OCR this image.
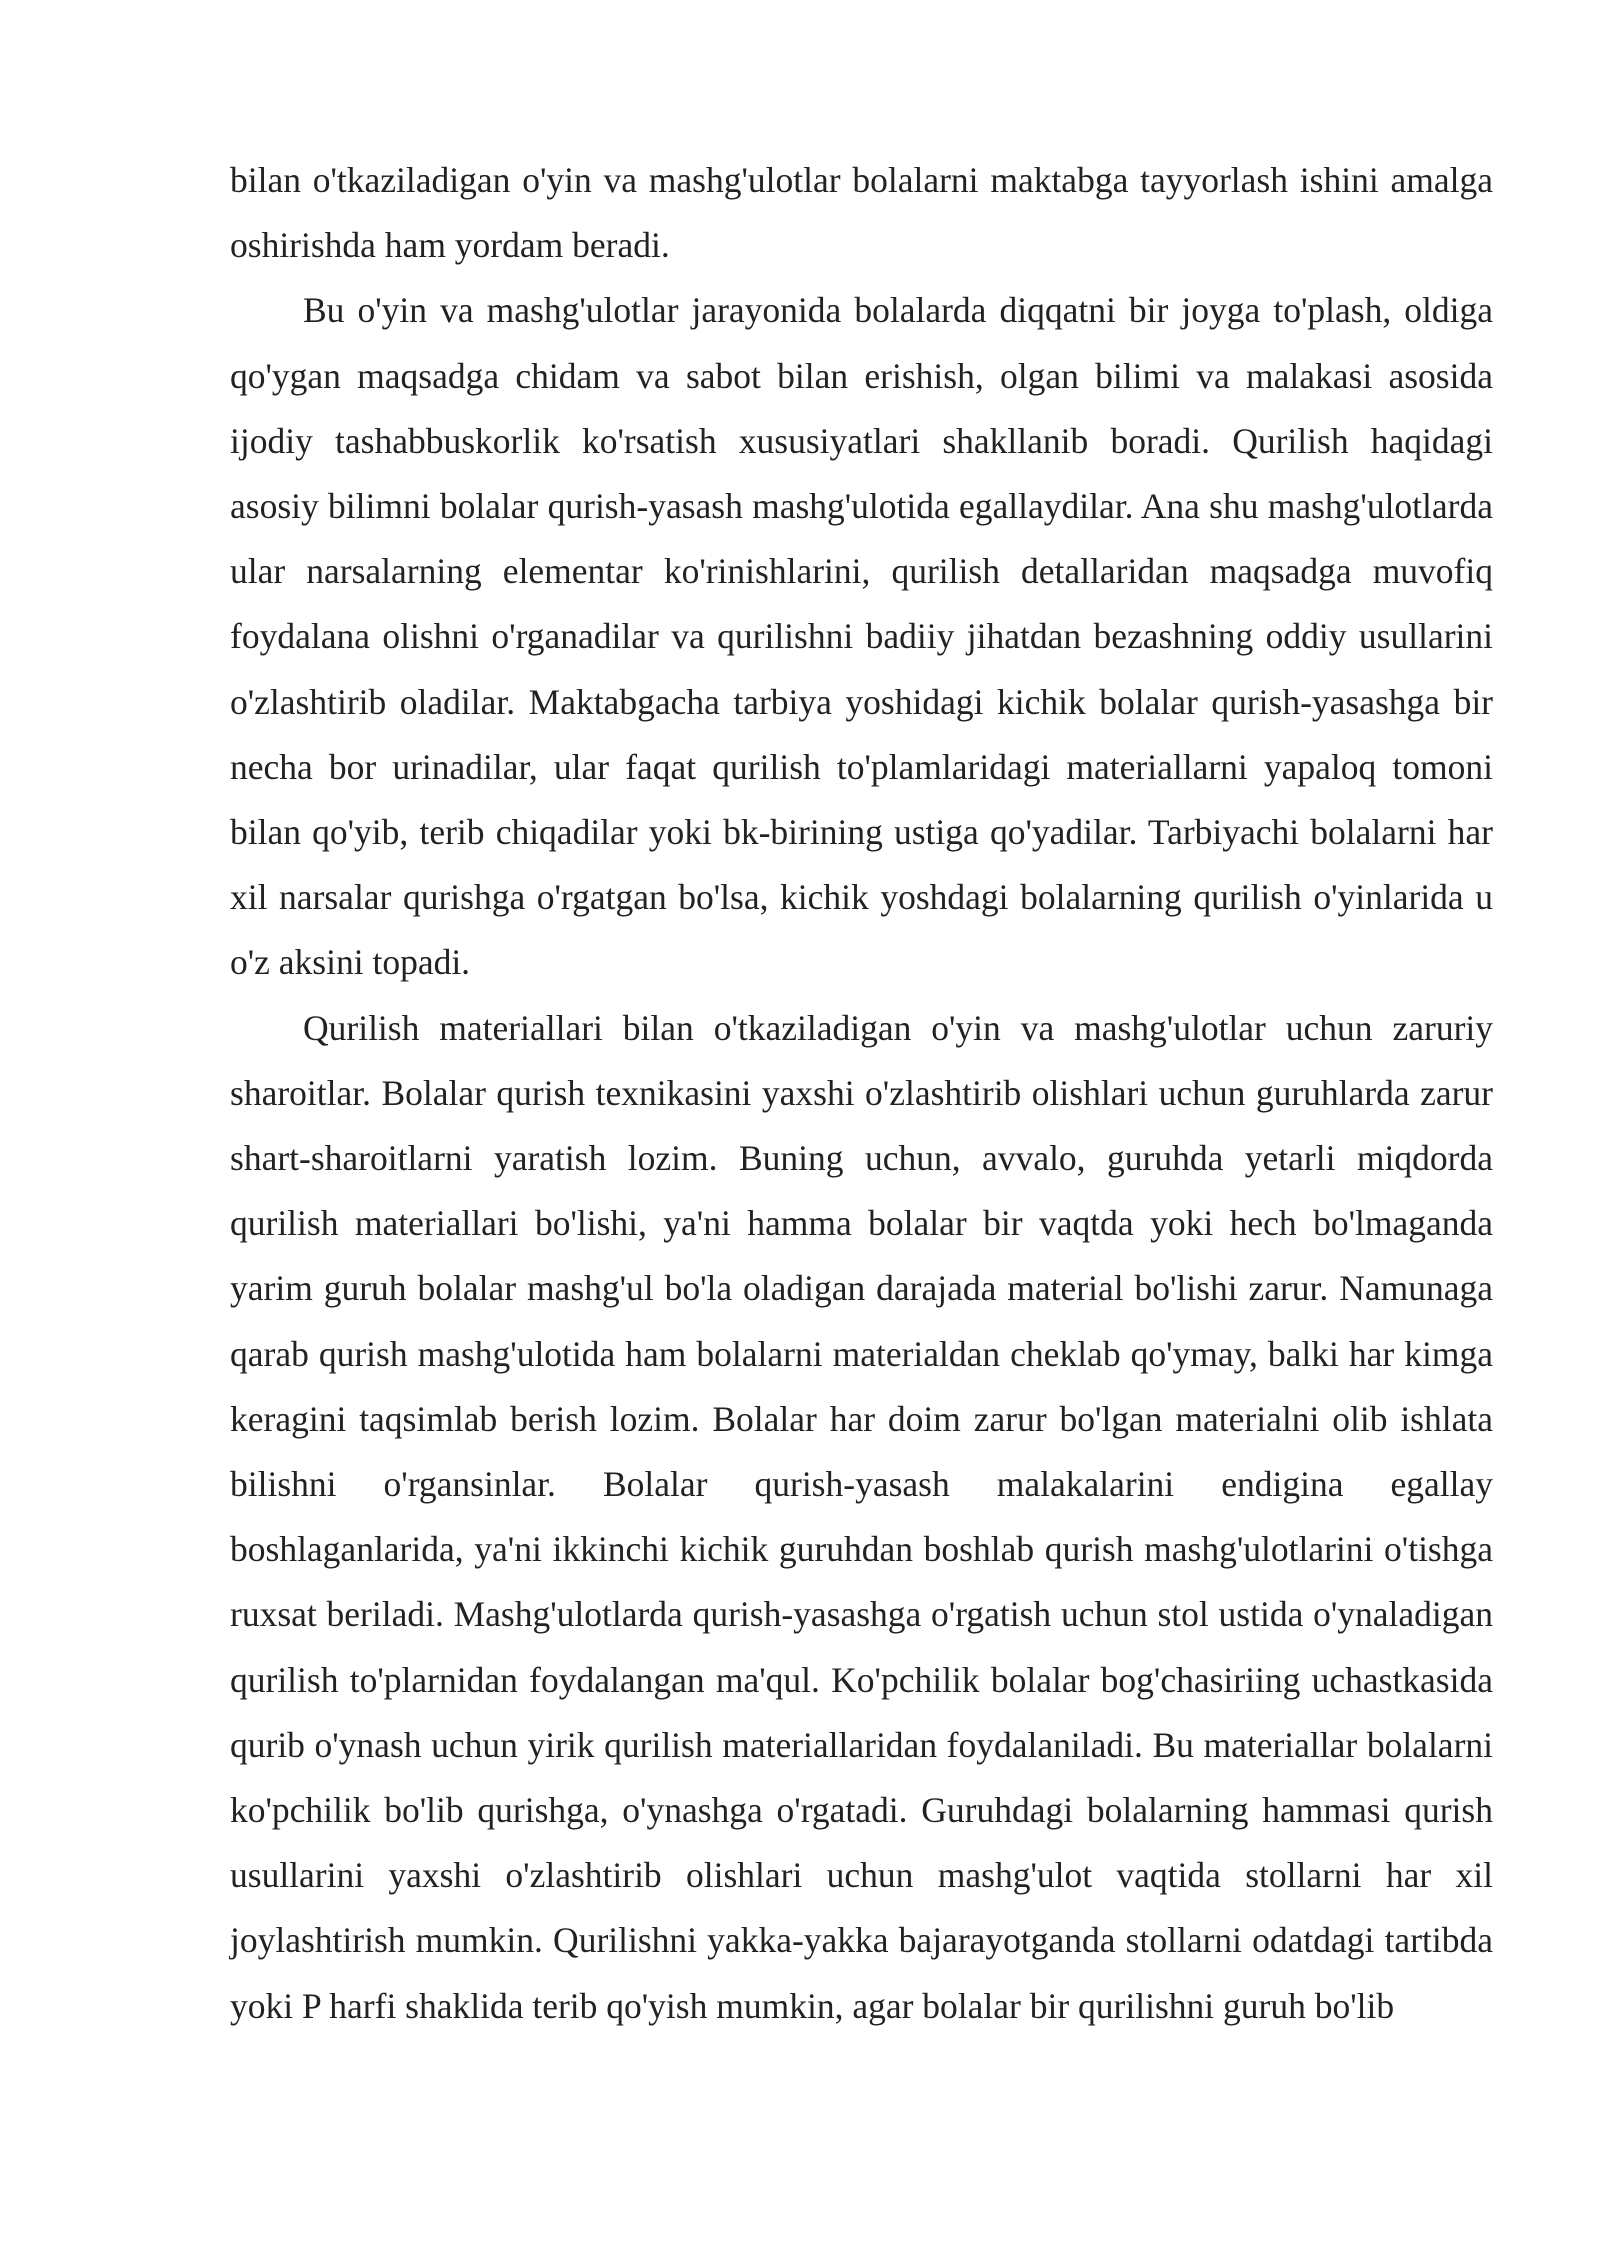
bilan o'tkaziladigan o'yin va mashg'ulotlar bolalarni maktabga tayyorlash ishini amalga oshirishda ham yordam beradi.

Bu o'yin va mashg'ulotlar jarayonida bolalarda diqqatni bir joyga to'plash, oldiga qo'ygan maqsadga chidam va sabot bilan erishish, olgan bilimi va malakasi asosida ijodiy tashabbuskorlik ko'rsatish xususiyatlari shakllanib boradi. Qurilish haqidagi asosiy bilimni bolalar qurish-yasash mashg'ulotida egallaydilar. Ana shu mashg'ulotlarda ular narsalarning elementar ko'rinishlarini, qurilish detallaridan maqsadga muvofiq foydalana olishni o'rganadilar va qurilishni badiiy jihatdan bezashning oddiy usullarini o'zlashtirib oladilar. Maktabgacha tarbiya yoshidagi kichik bolalar qurish-yasashga bir necha bor urinadilar, ular faqat qurilish to'plamlaridagi materiallarni yapaloq tomoni bilan qo'yib, terib chiqadilar yoki bk-birining ustiga qo'yadilar. Tarbiyachi bolalarni har xil narsalar qurishga o'rgatgan bo'lsa, kichik yoshdagi bolalarning qurilish o'yinlarida u o'z aksini topadi.

Qurilish materiallari bilan o'tkaziladigan o'yin va mashg'ulotlar uchun zaruriy sharoitlar. Bolalar qurish texnikasini yaxshi o'zlashtirib olishlari uchun guruhlarda zarur shart-sharoitlarni yaratish lozim. Buning uchun, avvalo, guruhda yetarli miqdorda qurilish materiallari bo'lishi, ya'ni hamma bolalar bir vaqtda yoki hech bo'lmaganda yarim guruh bolalar mashg'ul bo'la oladigan darajada material bo'lishi zarur. Namunaga qarab qurish mashg'ulotida ham bolalarni materialdan cheklab qo'ymay, balki har kimga keragini taqsimlab berish lozim. Bolalar har doim zarur bo'lgan materialni olib ishlata bilishni o'rgansinlar. Bolalar qurish-yasash malakalarini endigina egallay boshlaganlarida, ya'ni ikkinchi kichik guruhdan boshlab qurish mashg'ulotlarini o'tishga ruxsat beriladi. Mashg'ulotlarda qurish-yasashga o'rgatish uchun stol ustida o'ynaladigan qurilish to'plarnidan foydalangan ma'qul. Ko'pchilik bolalar bog'chasiriing uchastkasida qurib o'ynash uchun yirik qurilish materiallaridan foydalaniladi. Bu materiallar bolalarni ko'pchilik bo'lib qurishga, o'ynashga o'rgatadi. Guruhdagi bolalarning hammasi qurish usullarini yaxshi o'zlashtirib olishlari uchun mashg'ulot vaqtida stollarni har xil joylashtirish mumkin. Qurilishni yakka-yakka bajarayotganda stollarni odatdagi tartibda yoki P harfi shaklida terib qo'yish mumkin, agar bolalar bir qurilishni guruh bo'lib
